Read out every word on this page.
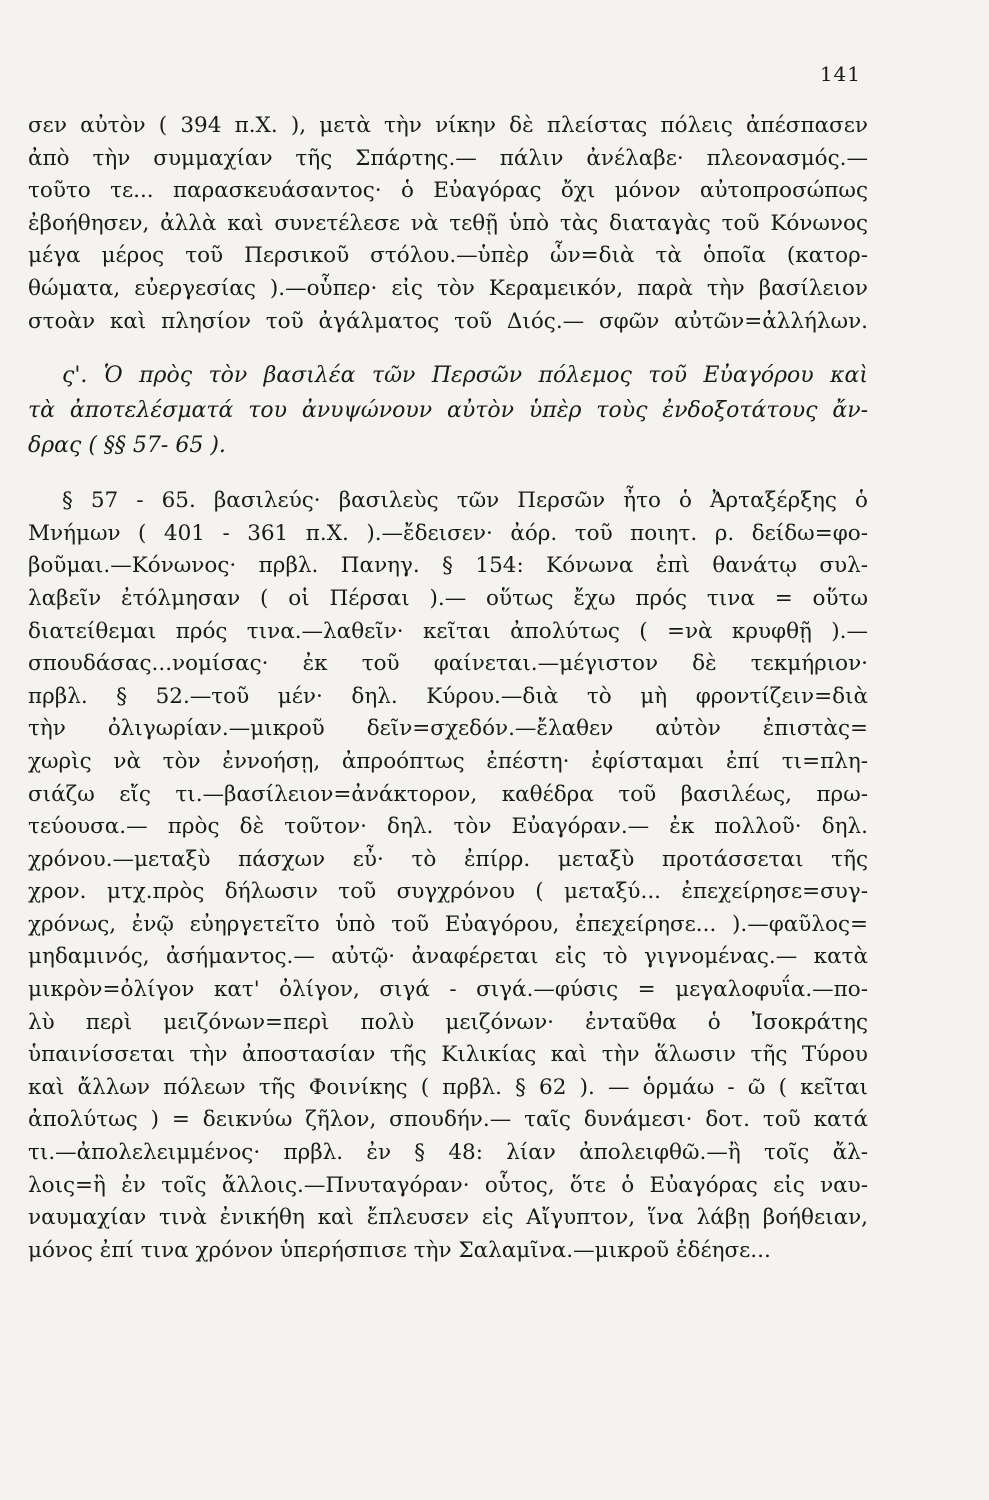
141
σεν αὐτὸν ( 394 π.Χ. ), μετὰ τὴν νίκην δὲ πλείστας πόλεις ἀπέσπασεν
ἀπὸ τὴν συμμαχίαν τῆς Σπάρτης.— πάλιν ἀνέλαβε· πλεονασμός.—
τοῦτο τε... παρασκευάσαντος· ὁ Εὐαγόρας ὄχι μόνον αὐτοπροσώπως
ἐβοήθησεν, ἀλλὰ καὶ συνετέλεσε νὰ τεθῇ ὑπὸ τὰς διαταγὰς τοῦ Κόνωνος
μέγα μέρος τοῦ Περσικοῦ στόλου.—ὑπὲρ ὧν=διὰ τὰ ὁποῖα (κατορ-
θώματα, εὐεργεσίας ).—οὗπερ· εἰς τὸν Κεραμεικόν, παρὰ τὴν βασίλειον
στοὰν καὶ πλησίον τοῦ ἀγάλματος τοῦ Διός.— σφῶν αὐτῶν=ἀλλήλων.
ς'. Ὁ πρὸς τὸν βασιλέα τῶν Περσῶν πόλεμος τοῦ Εὐαγόρου καὶ
τὰ ἀποτελέσματά του ἀνυψώνουν αὐτὸν ὑπὲρ τοὺς ἐνδοξοτάτους ἄν-
δρας ( §§ 57- 65 ).
§ 57 - 65. βασιλεύς· βασιλεὺς τῶν Περσῶν ἦτο ὁ Ἀρταξέρξης ὁ
Μνήμων ( 401 - 361 π.Χ. ).—ἔδεισεν· ἀόρ. τοῦ ποιητ. ρ. δείδω=φο-
βοῦμαι.—Κόνωνος· πρβλ. Πανηγ. § 154: Κόνωνα ἐπὶ θανάτῳ συλ-
λαβεῖν ἐτόλμησαν ( οἱ Πέρσαι ).— οὕτως ἔχω πρός τινα = οὕτω
διατείθεμαι πρός τινα.—λαθεῖν· κεῖται ἀπολύτως ( =νὰ κρυφθῇ ).—
σπουδάσας...νομίσας· ἐκ τοῦ φαίνεται.—μέγιστον δὲ τεκμήριον·
πρβλ. § 52.—τοῦ μέν· δηλ. Κύρου.—διὰ τὸ μὴ φροντίζειν=διὰ
τὴν ὀλιγωρίαν.—μικροῦ δεῖν=σχεδόν.—ἔλαθεν αὐτὸν ἐπιστὰς=
χωρὶς νὰ τὸν ἐννοήσῃ, ἀπροόπτως ἐπέστη· ἐφίσταμαι ἐπί τι=πλη-
σιάζω εἴς τι.—βασίλειον=ἀνάκτορον, καθέδρα τοῦ βασιλέως, πρω-
τεύουσα.— πρὸς δὲ τοῦτον· δηλ. τὸν Εὐαγόραν.— ἐκ πολλοῦ· δηλ.
χρόνου.—μεταξὺ πάσχων εὖ· τὸ ἐπίρρ. μεταξὺ προτάσσεται τῆς
χρον. μτχ.πρὸς δήλωσιν τοῦ συγχρόνου ( μεταξύ... ἐπεχείρησε=συγ-
χρόνως, ἐνῷ εὐηργετεῖτο ὑπὸ τοῦ Εὐαγόρου, ἐπεχείρησε... ).—φαῦλος=
μηδαμινός, ἀσήμαντος.— αὐτῷ· ἀναφέρεται εἰς τὸ γιγνομένας.— κατὰ
μικρὸν=ὀλίγον κατ' ὀλίγον, σιγά - σιγά.—φύσις = μεγαλοφυΐα.—πο-
λὺ περὶ μειζόνων=περὶ πολὺ μειζόνων· ἐνταῦθα ὁ Ἰσοκράτης
ὑπαινίσσεται τὴν ἀποστασίαν τῆς Κιλικίας καὶ τὴν ἅλωσιν τῆς Τύρου
καὶ ἄλλων πόλεων τῆς Φοινίκης ( πρβλ. § 62 ). — ὁρμάω - ῶ ( κεῖται
ἀπολύτως ) = δεικνύω ζῆλον, σπουδήν.— ταῖς δυνάμεσι· δοτ. τοῦ κατά
τι.—ἀπολελειμμένος· πρβλ. ἐν § 48: λίαν ἀπολειφθῶ.—ἢ τοῖς ἄλ-
λοις=ἢ ἐν τοῖς ἄλλοις.—Πνυταγόραν· οὗτος, ὅτε ὁ Εὐαγόρας εἰς ναυ-
ναυμαχίαν τινὰ ἐνικήθη καὶ ἔπλευσεν εἰς Αἴγυπτον, ἵνα λάβῃ βοήθειαν,
μόνος ἐπί τινα χρόνον ὑπερήσπισε τὴν Σαλαμῖνα.—μικροῦ ἐδέησε...
